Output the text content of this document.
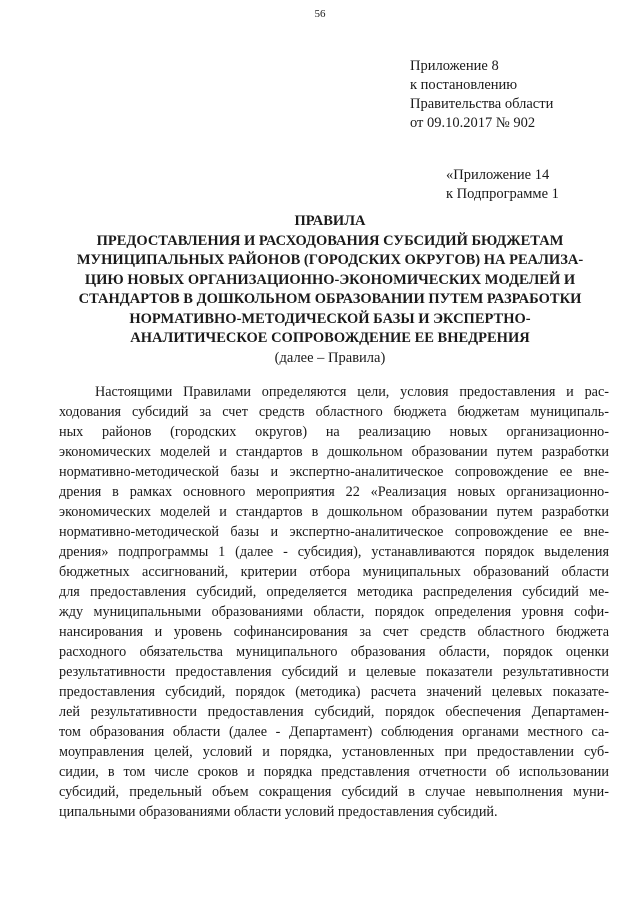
56
Приложение 8
к постановлению
Правительства области
от 09.10.2017 № 902
«Приложение 14
к Подпрограмме 1
ПРАВИЛА
ПРЕДОСТАВЛЕНИЯ И РАСХОДОВАНИЯ СУБСИДИЙ БЮДЖЕТАМ
МУНИЦИПАЛЬНЫХ РАЙОНОВ (ГОРОДСКИХ ОКРУГОВ) НА РЕАЛИЗА-
ЦИЮ НОВЫХ ОРГАНИЗАЦИОННО-ЭКОНОМИЧЕСКИХ МОДЕЛЕЙ И
СТАНДАРТОВ В ДОШКОЛЬНОМ ОБРАЗОВАНИИ ПУТЕМ РАЗРАБОТКИ
НОРМАТИВНО-МЕТОДИЧЕСКОЙ БАЗЫ И ЭКСПЕРТНО-
АНАЛИТИЧЕСКОЕ СОПРОВОЖДЕНИЕ ЕЕ ВНЕДРЕНИЯ
(далее – Правила)
Настоящими Правилами определяются цели, условия предоставления и рас-
ходования субсидий за счет средств областного бюджета бюджетам муниципаль-
ных районов (городских округов) на реализацию новых организационно-
экономических моделей и стандартов в дошкольном образовании путем разработки
нормативно-методической базы и экспертно-аналитическое сопровождение ее вне-
дрения в рамках основного мероприятия 22 «Реализация новых организационно-
экономических моделей и стандартов в дошкольном образовании путем разработки
нормативно-методической базы и экспертно-аналитическое сопровождение ее вне-
дрения» подпрограммы 1 (далее - субсидия), устанавливаются порядок выделения
бюджетных ассигнований, критерии отбора муниципальных образований области
для предоставления субсидий, определяется методика распределения субсидий ме-
жду муниципальными образованиями области, порядок определения уровня софи-
нансирования и уровень софинансирования за счет средств областного бюджета
расходного обязательства муниципального образования области, порядок оценки
результативности предоставления субсидий и целевые показатели результативности
предоставления субсидий, порядок (методика) расчета значений целевых показате-
лей результативности предоставления субсидий, порядок обеспечения Департамен-
том образования области (далее - Департамент) соблюдения органами местного са-
моуправления целей, условий и порядка, установленных при предоставлении суб-
сидии, в том числе сроков и порядка представления отчетности об использовании
субсидий, предельный объем сокращения субсидий в случае невыполнения муни-
ципальными образованиями области условий предоставления субсидий.
